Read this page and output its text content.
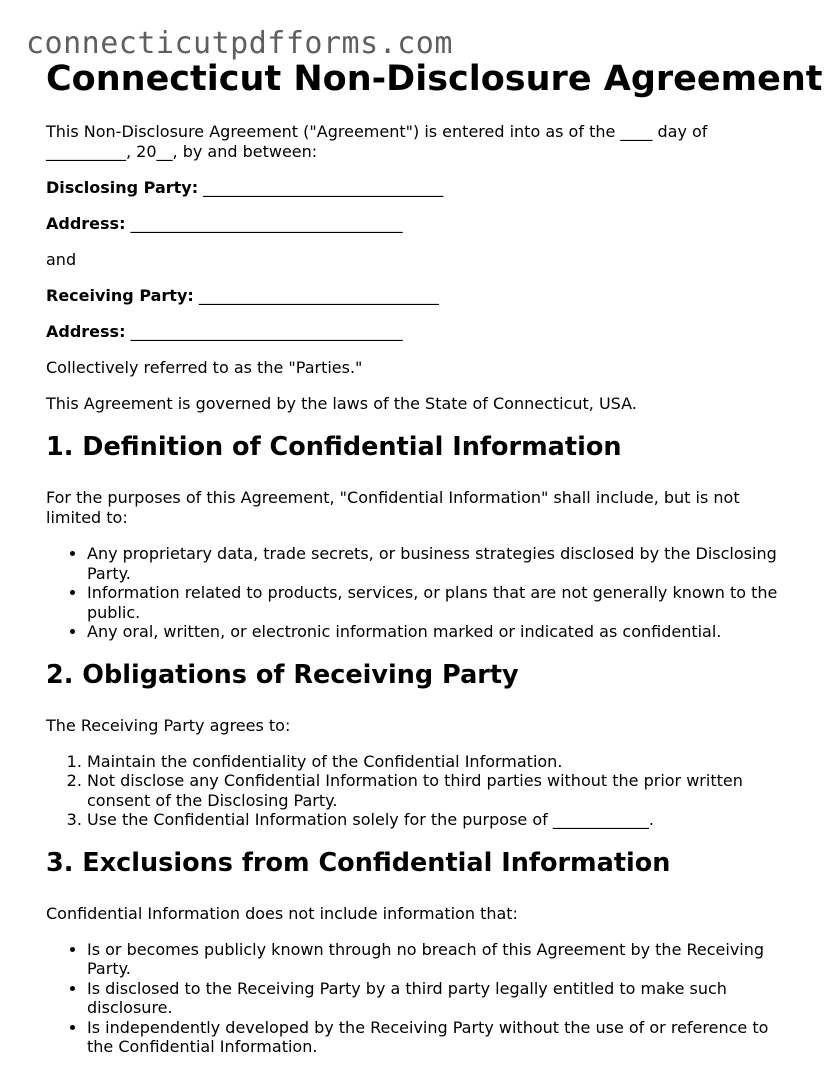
connecticutpdfforms.com
Connecticut Non-Disclosure Agreement

This Non-Disclosure Agreement ("Agreement") is entered into as of the ____ day of __________, 20__, by and between:

Disclosing Party: ______________________________

Address: __________________________________

and

Receiving Party: ______________________________

Address: __________________________________

Collectively referred to as the "Parties."

This Agreement is governed by the laws of the State of Connecticut, USA.

1. Definition of Confidential Information

For the purposes of this Agreement, "Confidential Information" shall include, but is not limited to:

• Any proprietary data, trade secrets, or business strategies disclosed by the Disclosing Party.
• Information related to products, services, or plans that are not generally known to the public.
• Any oral, written, or electronic information marked or indicated as confidential.
2. Obligations of Receiving Party

The Receiving Party agrees to:

1. Maintain the confidentiality of the Confidential Information.
2. Not disclose any Confidential Information to third parties without the prior written consent of the Disclosing Party.
3. Use the Confidential Information solely for the purpose of ____________.
3. Exclusions from Confidential Information

Confidential Information does not include information that:

• Is or becomes publicly known through no breach of this Agreement by the Receiving Party.
• Is disclosed to the Receiving Party by a third party legally entitled to make such disclosure.
• Is independently developed by the Receiving Party without the use of or reference to the Confidential Information.
